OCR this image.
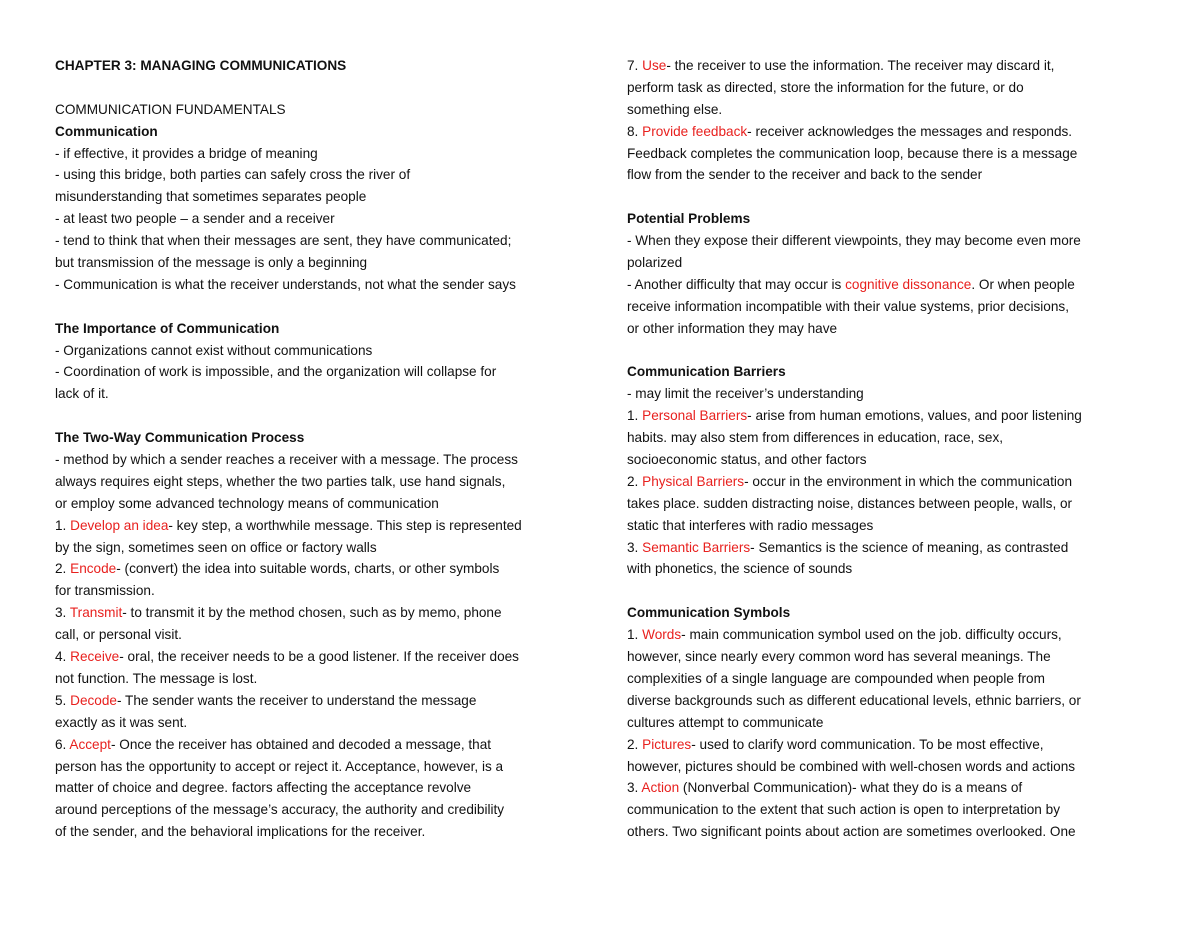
CHAPTER 3: MANAGING COMMUNICATIONS
COMMUNICATION FUNDAMENTALS
Communication
- if effective, it provides a bridge of meaning
- using this bridge, both parties can safely cross the river of
misunderstanding that sometimes separates people
- at least two people – a sender and a receiver
- tend to think that when their messages are sent, they have communicated;
but transmission of the message is only a beginning
- Communication is what the receiver understands, not what the sender says
The Importance of Communication
- Organizations cannot exist without communications
- Coordination of work is impossible, and the organization will collapse for
lack of it.
The Two-Way Communication Process
- method by which a sender reaches a receiver with a message. The process
always requires eight steps, whether the two parties talk, use hand signals,
or employ some advanced technology means of communication
1. Develop an idea- key step, a worthwhile message. This step is represented
by the sign, sometimes seen on office or factory walls
2. Encode- (convert) the idea into suitable words, charts, or other symbols
for transmission.
3. Transmit- to transmit it by the method chosen, such as by memo, phone
call, or personal visit.
4. Receive- oral, the receiver needs to be a good listener. If the receiver does
not function. The message is lost.
5. Decode- The sender wants the receiver to understand the message
exactly as it was sent.
6. Accept- Once the receiver has obtained and decoded a message, that
person has the opportunity to accept or reject it. Acceptance, however, is a
matter of choice and degree. factors affecting the acceptance revolve
around perceptions of the message’s accuracy, the authority and credibility
of the sender, and the behavioral implications for the receiver.
7. Use- the receiver to use the information. The receiver may discard it,
perform task as directed, store the information for the future, or do
something else.
8. Provide feedback- receiver acknowledges the messages and responds.
Feedback completes the communication loop, because there is a message
flow from the sender to the receiver and back to the sender
Potential Problems
- When they expose their different viewpoints, they may become even more
polarized
- Another difficulty that may occur is cognitive dissonance. Or when people
receive information incompatible with their value systems, prior decisions,
or other information they may have
Communication Barriers
- may limit the receiver’s understanding
1. Personal Barriers- arise from human emotions, values, and poor listening
habits. may also stem from differences in education, race, sex,
socioeconomic status, and other factors
2. Physical Barriers- occur in the environment in which the communication
takes place. sudden distracting noise, distances between people, walls, or
static that interferes with radio messages
3. Semantic Barriers- Semantics is the science of meaning, as contrasted
with phonetics, the science of sounds
Communication Symbols
1. Words- main communication symbol used on the job. difficulty occurs,
however, since nearly every common word has several meanings. The
complexities of a single language are compounded when people from
diverse backgrounds such as different educational levels, ethnic barriers, or
cultures attempt to communicate
2. Pictures- used to clarify word communication. To be most effective,
however, pictures should be combined with well-chosen words and actions
3. Action (Nonverbal Communication)- what they do is a means of
communication to the extent that such action is open to interpretation by
others. Two significant points about action are sometimes overlooked. One
